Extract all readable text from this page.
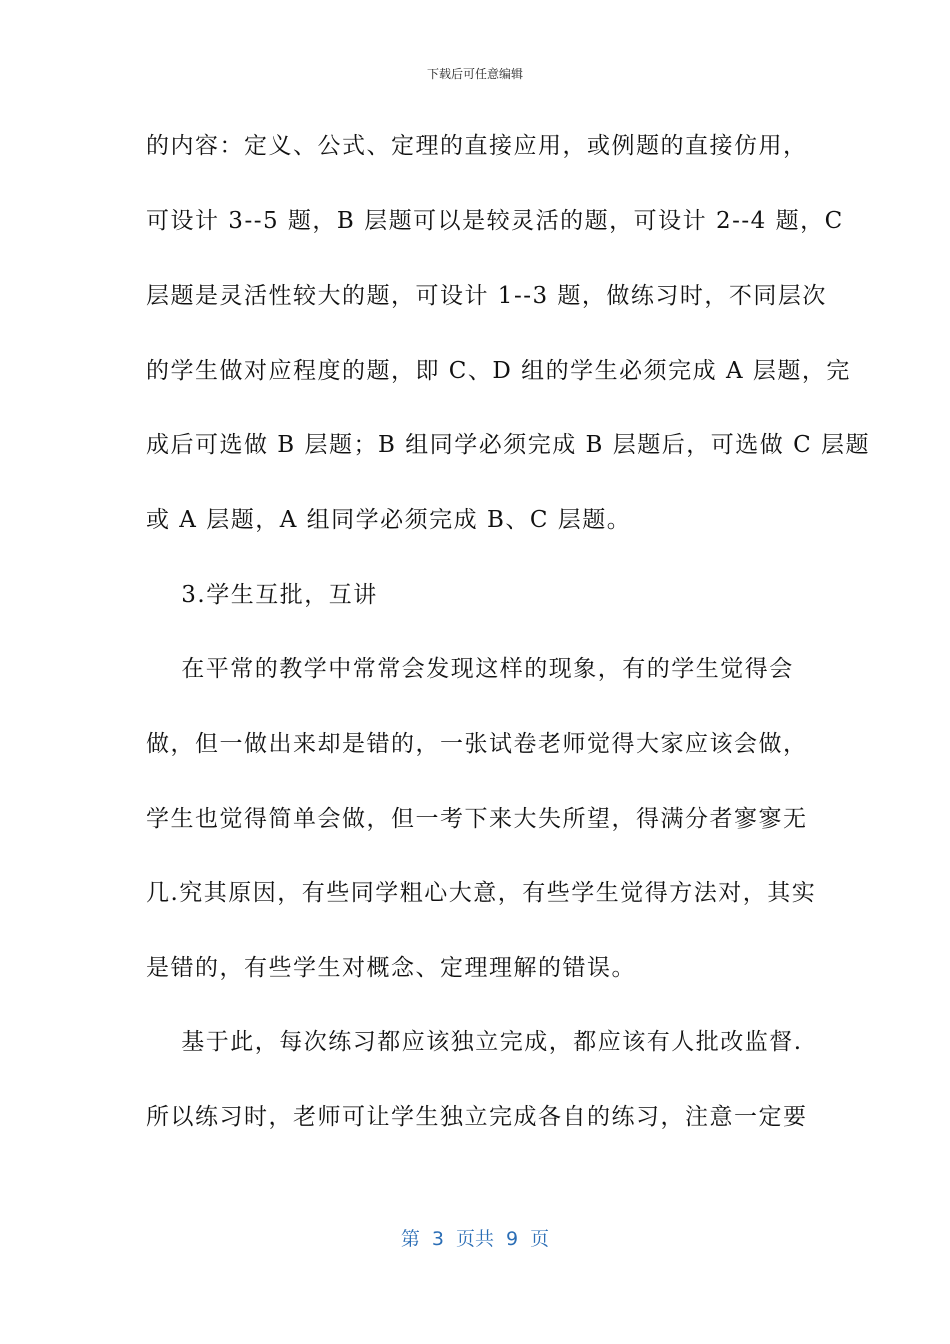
下载后可任意编辑
的内容：定义、公式、定理的直接应用，或例题的直接仿用，
可设计 3--5 题，B 层题可以是较灵活的题，可设计 2--4 题，C
层题是灵活性较大的题，可设计 1--3 题，做练习时，不同层次
的学生做对应程度的题，即 C、D 组的学生必须完成 A 层题，完
成后可选做 B 层题；B 组同学必须完成 B 层题后，可选做 C 层题
或 A 层题，A 组同学必须完成 B、C 层题。
3.学生互批，互讲
在平常的教学中常常会发现这样的现象，有的学生觉得会
做，但一做出来却是错的，一张试卷老师觉得大家应该会做，
学生也觉得简单会做，但一考下来大失所望，得满分者寥寥无
几.究其原因，有些同学粗心大意，有些学生觉得方法对，其实
是错的，有些学生对概念、定理理解的错误。
基于此，每次练习都应该独立完成，都应该有人批改监督.
所以练习时，老师可让学生独立完成各自的练习，注意一定要
第 3 页共 9 页
